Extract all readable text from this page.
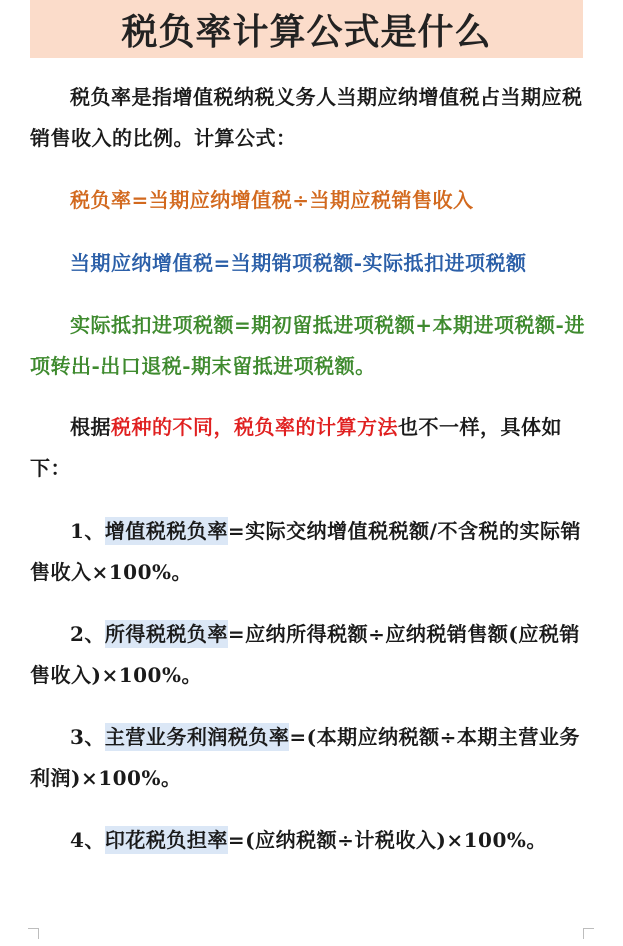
税负率计算公式是什么

税负率是指增值税纳税义务人当期应纳增值税占当期应税销售收入的比例。计算公式：

税负率=当期应纳增值税÷当期应税销售收入

当期应纳增值税=当期销项税额-实际抵扣进项税额

实际抵扣进项税额=期初留抵进项税额+本期进项税额-进项转出-出口退税-期末留抵进项税额。

根据税种的不同，税负率的计算方法也不一样，具体如下：

1、增值税税负率=实际交纳增值税税额/不含税的实际销售收入×100%。

2、所得税税负率=应纳所得税额÷应纳税销售额(应税销售收入)×100%。

3、主营业务利润税负率=(本期应纳税额÷本期主营业务利润)×100%。

4、印花税负担率=(应纳税额÷计税收入)×100%。
